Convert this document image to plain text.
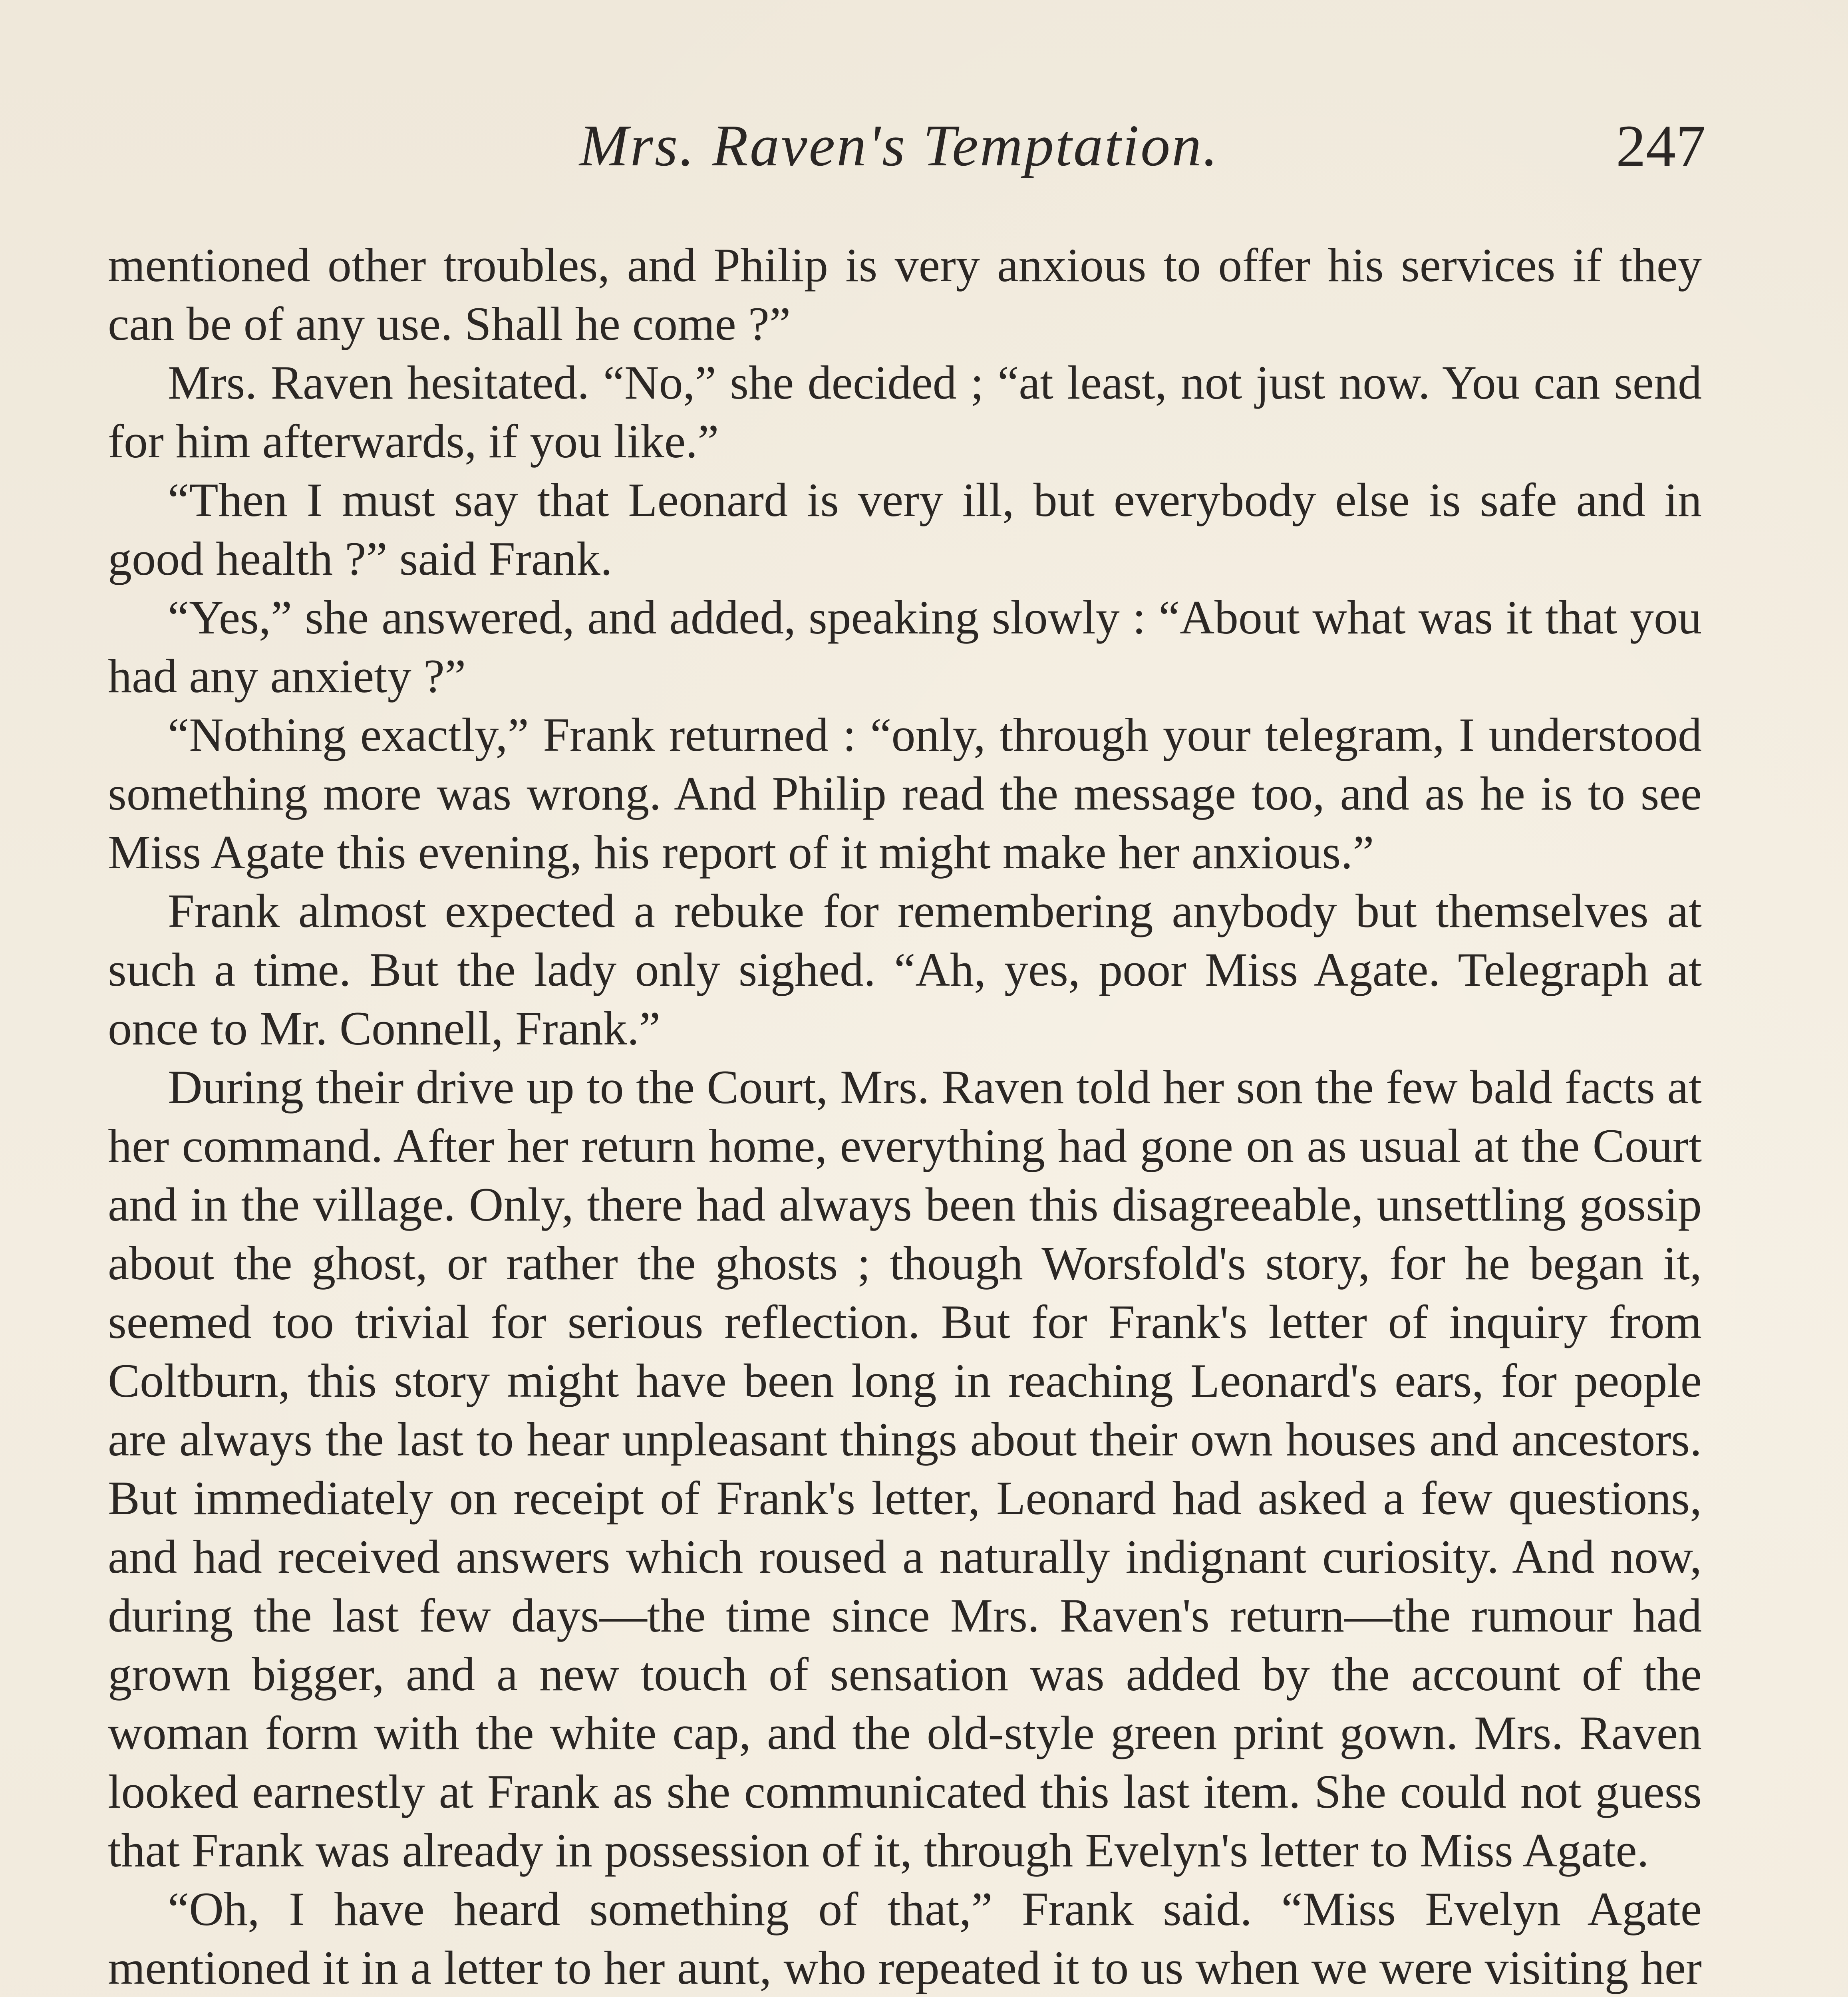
Mrs. Raven's Temptation.	247

mentioned other troubles, and Philip is very anxious to offer his services if they can be of any use. Shall he come ?”

Mrs. Raven hesitated. “No,” she decided ; “at least, not just now. You can send for him afterwards, if you like.”

“Then I must say that Leonard is very ill, but everybody else is safe and in good health ?” said Frank.

“Yes,” she answered, and added, speaking slowly : “About what was it that you had any anxiety ?”

“Nothing exactly,” Frank returned : “only, through your telegram, I understood something more was wrong. And Philip read the message too, and as he is to see Miss Agate this evening, his report of it might make her anxious.”

Frank almost expected a rebuke for remembering anybody but themselves at such a time. But the lady only sighed. “Ah, yes, poor Miss Agate. Telegraph at once to Mr. Connell, Frank.”

During their drive up to the Court, Mrs. Raven told her son the few bald facts at her command. After her return home, everything had gone on as usual at the Court and in the village. Only, there had always been this disagreeable, unsettling gossip about the ghost, or rather the ghosts ; though Worsfold's story, for he began it, seemed too trivial for serious reflection. But for Frank's letter of inquiry from Coltburn, this story might have been long in reaching Leonard's ears, for people are always the last to hear unpleasant things about their own houses and ancestors. But immediately on receipt of Frank's letter, Leonard had asked a few questions, and had received answers which roused a naturally indignant curiosity. And now, during the last few days—the time since Mrs. Raven's return—the rumour had grown bigger, and a new touch of sensation was added by the account of the woman form with the white cap, and the old-style green print gown. Mrs. Raven looked earnestly at Frank as she communicated this last item. She could not guess that Frank was already in possession of it, through Evelyn's letter to Miss Agate.

“Oh, I have heard something of that,” Frank said. “Miss Evelyn Agate mentioned it in a letter to her aunt, who repeated it to us when we were visiting her
